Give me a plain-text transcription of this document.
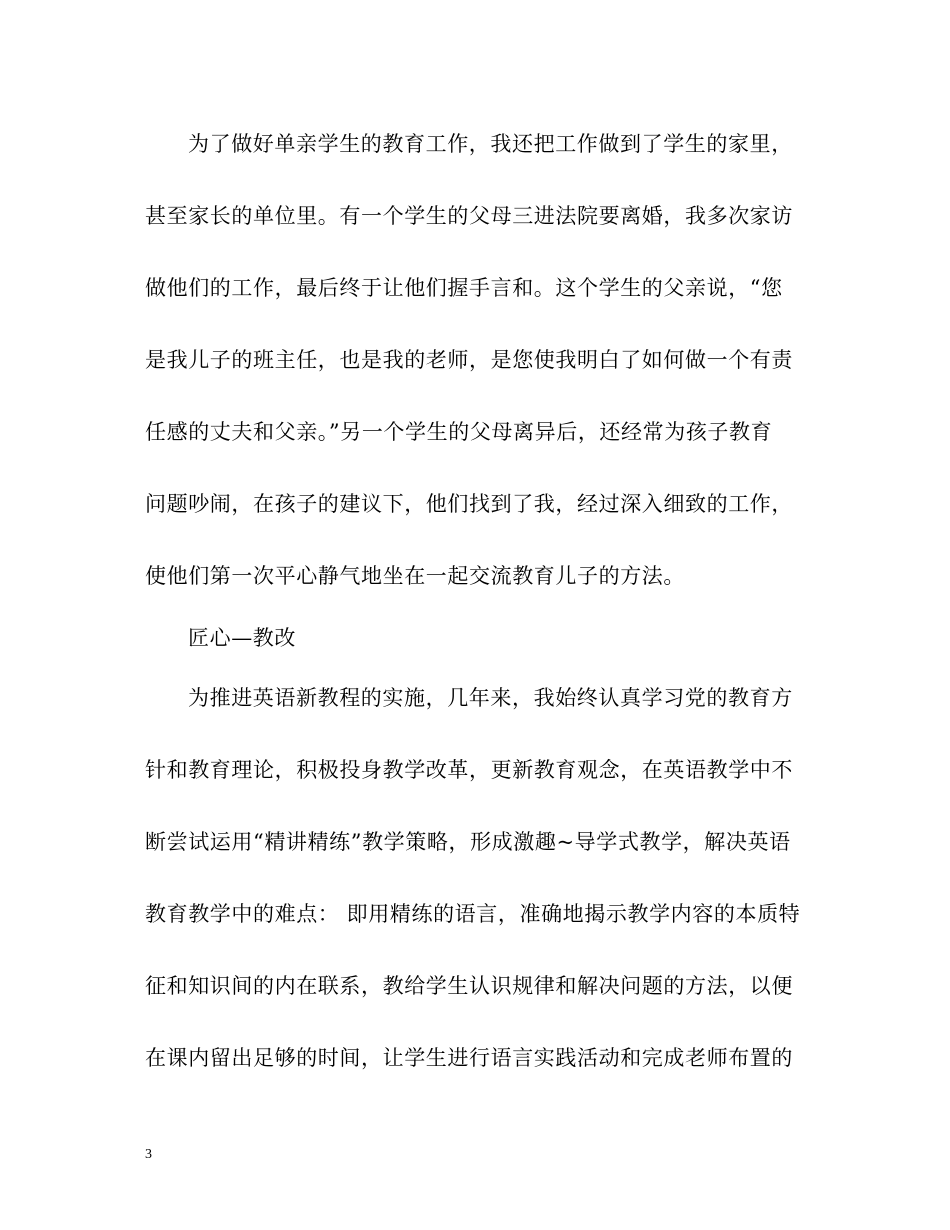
为了做好单亲学生的教育工作，我还把工作做到了学生的家里，
甚至家长的单位里。有一个学生的父母三进法院要离婚，我多次家访
做他们的工作，最后终于让他们握手言和。这个学生的父亲说，“您
是我儿子的班主任，也是我的老师，是您使我明白了如何做一个有责
任感的丈夫和父亲。”另一个学生的父母离异后，还经常为孩子教育
问题吵闹，在孩子的建议下，他们找到了我，经过深入细致的工作，
使他们第一次平心静气地坐在一起交流教育儿子的方法。
匠心—教改
为推进英语新教程的实施，几年来，我始终认真学习党的教育方
针和教育理论，积极投身教学改革，更新教育观念，在英语教学中不
断尝试运用“精讲精练”教学策略，形成激趣~导学式教学，解决英语
教育教学中的难点： 即用精练的语言，准确地揭示教学内容的本质特
征和知识间的内在联系，教给学生认识规律和解决问题的方法，以便
在课内留出足够的时间，让学生进行语言实践活动和完成老师布置的
3
